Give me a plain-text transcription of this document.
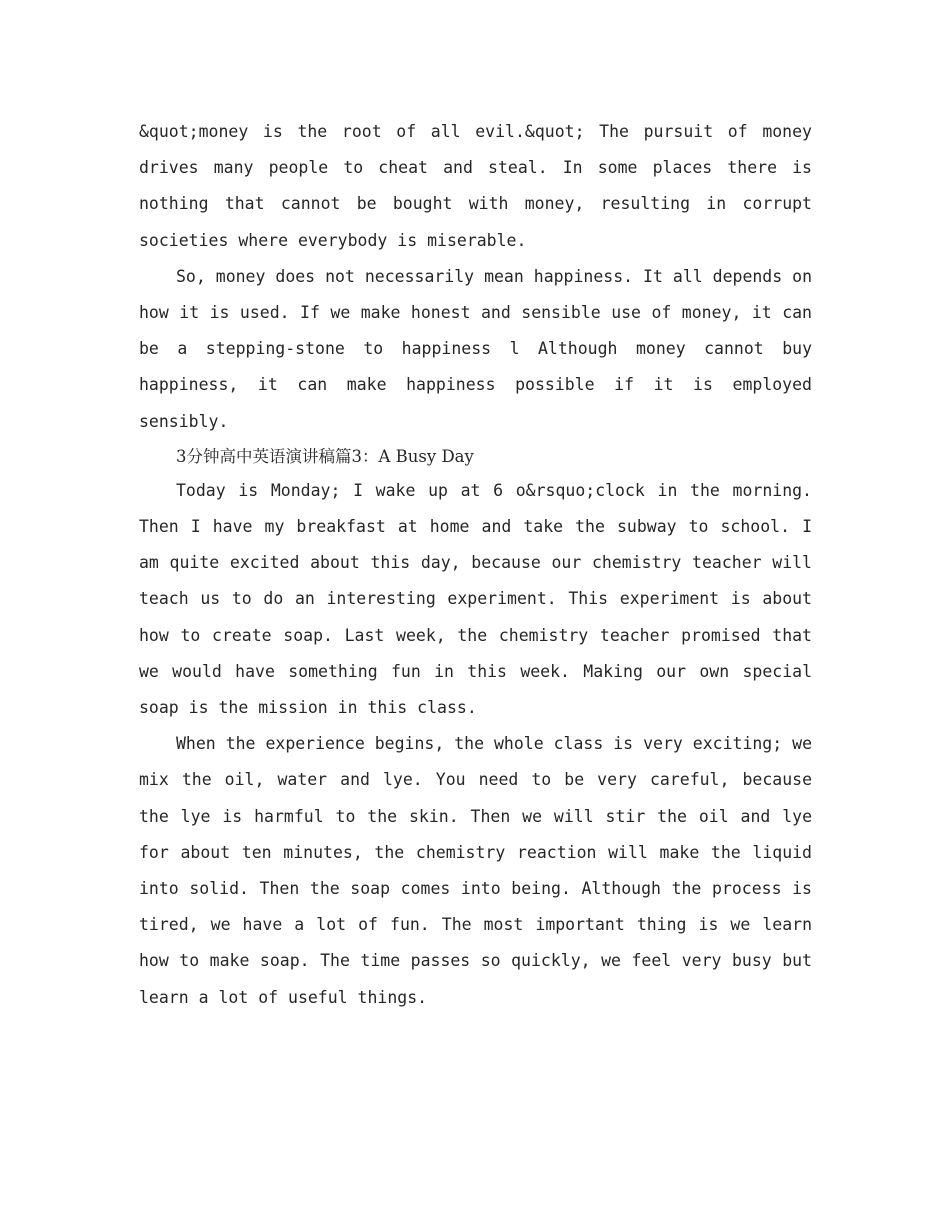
&quot;money is the root of all evil.&quot; The pursuit of money drives many people to cheat and steal. In some places there is nothing that cannot be bought with money, resulting in corrupt societies where everybody is miserable.

So, money does not necessarily mean happiness. It all depends on how it is used. If we make honest and sensible use of money, it can be a stepping-stone to happiness l Although money cannot buy happiness, it can make happiness possible if it is employed sensibly.

3分钟高中英语演讲稿篇3：A Busy Day

Today is Monday; I wake up at 6 o&rsquo;clock in the morning. Then I have my breakfast at home and take the subway to school. I am quite excited about this day, because our chemistry teacher will teach us to do an interesting experiment. This experiment is about how to create soap. Last week, the chemistry teacher promised that we would have something fun in this week. Making our own special soap is the mission in this class.

When the experience begins, the whole class is very exciting; we mix the oil, water and lye. You need to be very careful, because the lye is harmful to the skin. Then we will stir the oil and lye for about ten minutes, the chemistry reaction will make the liquid into solid. Then the soap comes into being. Although the process is tired, we have a lot of fun. The most important thing is we learn how to make soap. The time passes so quickly, we feel very busy but learn a lot of useful things.
